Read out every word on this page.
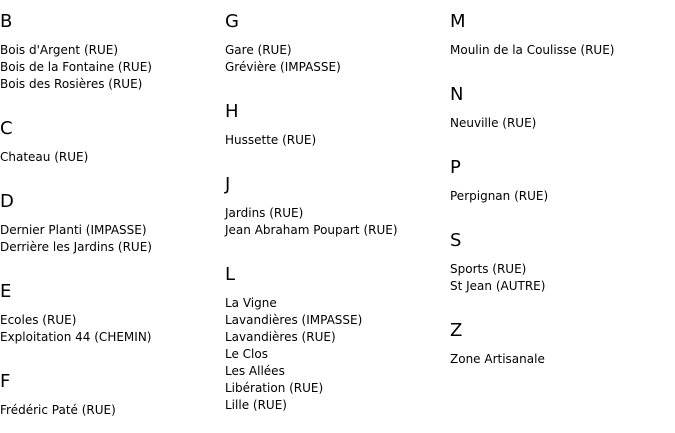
B
Bois d'Argent (RUE)
Bois de la Fontaine (RUE)
Bois des Rosières (RUE)
C
Chateau (RUE)
D
Dernier Planti (IMPASSE)
Derrière les Jardins (RUE)
E
Ecoles (RUE)
Exploitation 44 (CHEMIN)
F
Frédéric Paté (RUE)
G
Gare (RUE)
Grévière (IMPASSE)
H
Hussette (RUE)
J
Jardins (RUE)
Jean Abraham Poupart (RUE)
L
La Vigne
Lavandières (IMPASSE)
Lavandières (RUE)
Le Clos
Les Allées
Libération (RUE)
Lille (RUE)
M
Moulin de la Coulisse (RUE)
N
Neuville (RUE)
P
Perpignan (RUE)
S
Sports (RUE)
St Jean (AUTRE)
Z
Zone Artisanale
